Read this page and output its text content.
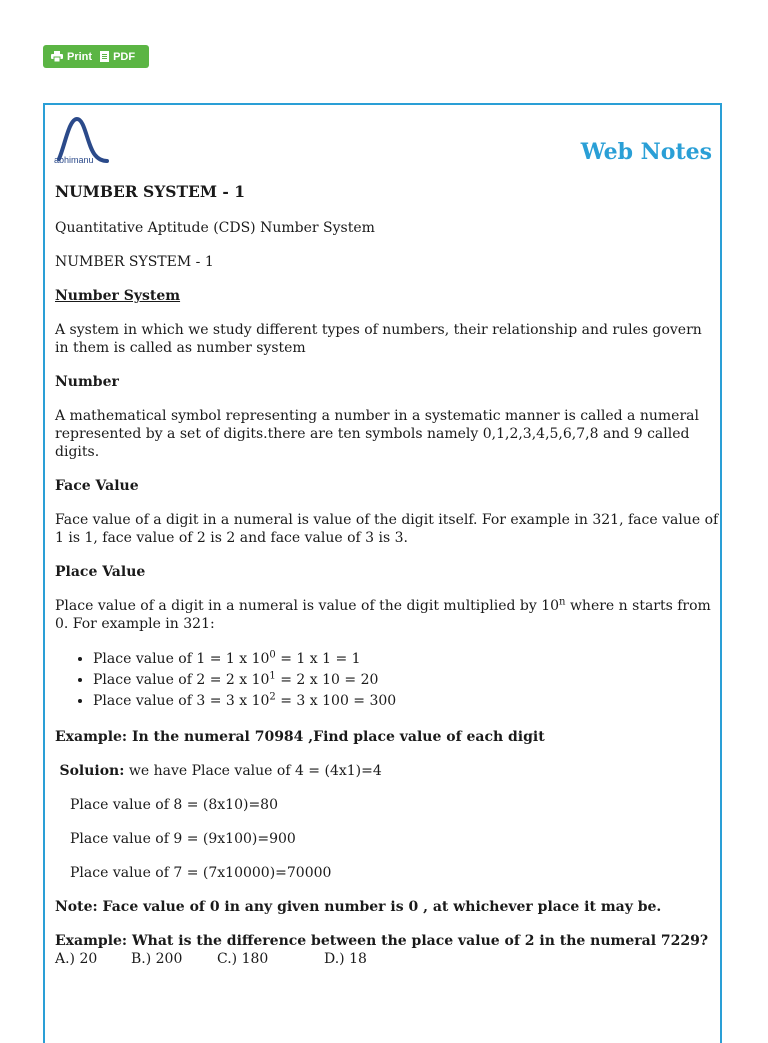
Print PDF
abhimanu	Web Notes
NUMBER SYSTEM - 1

Quantitative Aptitude (CDS) Number System

NUMBER SYSTEM - 1

Number System

A system in which we study different types of numbers, their relationship and rules govern in them is called as number system

Number

A mathematical symbol representing a number in a systematic manner is called a numeral represented by a set of digits.there are ten symbols namely 0,1,2,3,4,5,6,7,8 and 9 called digits.

Face Value

Face value of a digit in a numeral is value of the digit itself. For example in 321, face value of 1 is 1, face value of 2 is 2 and face value of 3 is 3.

Place Value

Place value of a digit in a numeral is value of the digit multiplied by 10$^n$ where n starts from 0. For example in 321:

• Place value of 1 = 1 x $10^0 = 1$ x 1 = 1
• Place value of 2 = 2 x $10^1 = 2$ x 10 = 20
• Place value of 3 = 3 x $10^2 = 3$ x 100 = 300

Example: In the numeral 70984 ,Find place value of each digit

Soluion: we have Place value of 4 = (4x1)=4

Place value of 8 = (8x10)=80

Place value of 9 = (9x100)=900

Place value of 7 = (7x10000)=70000

Note: Face value of 0 in any given number is 0 , at whichever place it may be.

Example: What is the difference between the place value of 2 in the numeral 7229?
A.) 20 B.) 200 C.) 180	D.) 18
